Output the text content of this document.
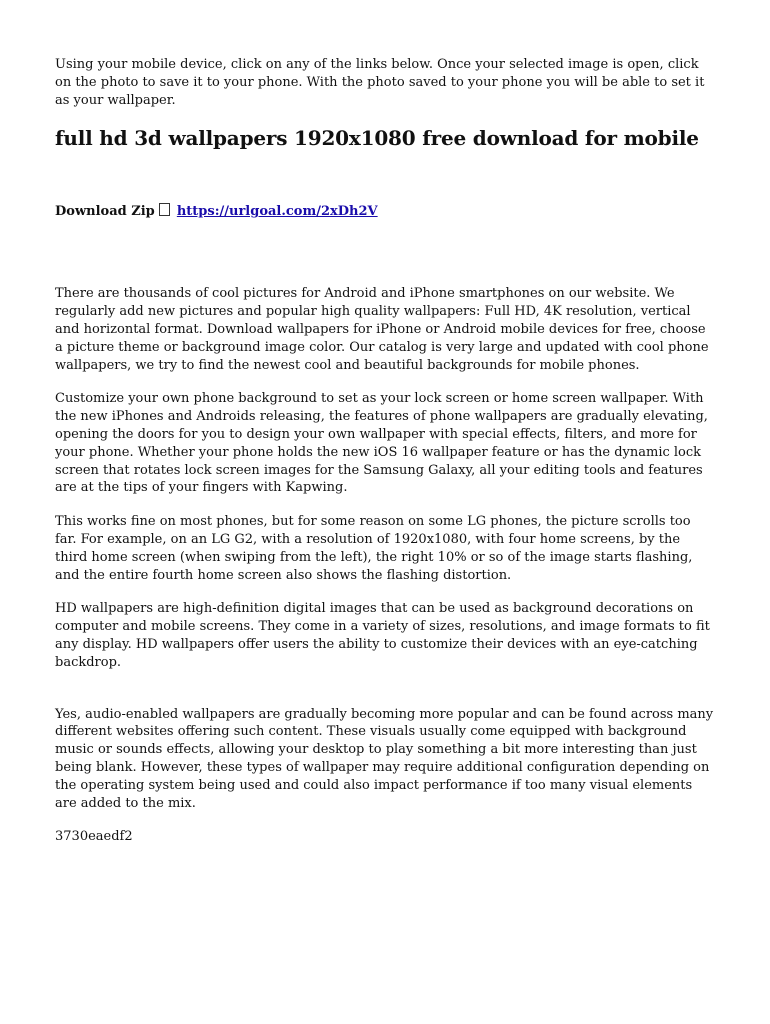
Using your mobile device, click on any of the links below. Once your selected image is open, click on the photo to save it to your phone. With the photo saved to your phone you will be able to set it as your wallpaper.

full hd 3d wallpapers 1920x1080 free download for mobile
Download Zip https://urlgoal.com/2xDh2V

There are thousands of cool pictures for Android and iPhone smartphones on our website. We regularly add new pictures and popular high quality wallpapers: Full HD, 4K resolution, vertical and horizontal format. Download wallpapers for iPhone or Android mobile devices for free, choose a picture theme or background image color. Our catalog is very large and updated with cool phone wallpapers, we try to find the newest cool and beautiful backgrounds for mobile phones.

Customize your own phone background to set as your lock screen or home screen wallpaper. With the new iPhones and Androids releasing, the features of phone wallpapers are gradually elevating, opening the doors for you to design your own wallpaper with special effects, filters, and more for your phone. Whether your phone holds the new iOS 16 wallpaper feature or has the dynamic lock screen that rotates lock screen images for the Samsung Galaxy, all your editing tools and features are at the tips of your fingers with Kapwing.

This works fine on most phones, but for some reason on some LG phones, the picture scrolls too far. For example, on an LG G2, with a resolution of 1920x1080, with four home screens, by the third home screen (when swiping from the left), the right 10% or so of the image starts flashing, and the entire fourth home screen also shows the flashing distortion.

HD wallpapers are high-definition digital images that can be used as background decorations on computer and mobile screens. They come in a variety of sizes, resolutions, and image formats to fit any display. HD wallpapers offer users the ability to customize their devices with an eye-catching backdrop.

Yes, audio-enabled wallpapers are gradually becoming more popular and can be found across many different websites offering such content. These visuals usually come equipped with background music or sounds effects, allowing your desktop to play something a bit more interesting than just being blank. However, these types of wallpaper may require additional configuration depending on the operating system being used and could also impact performance if too many visual elements are added to the mix.

3730eaedf2
